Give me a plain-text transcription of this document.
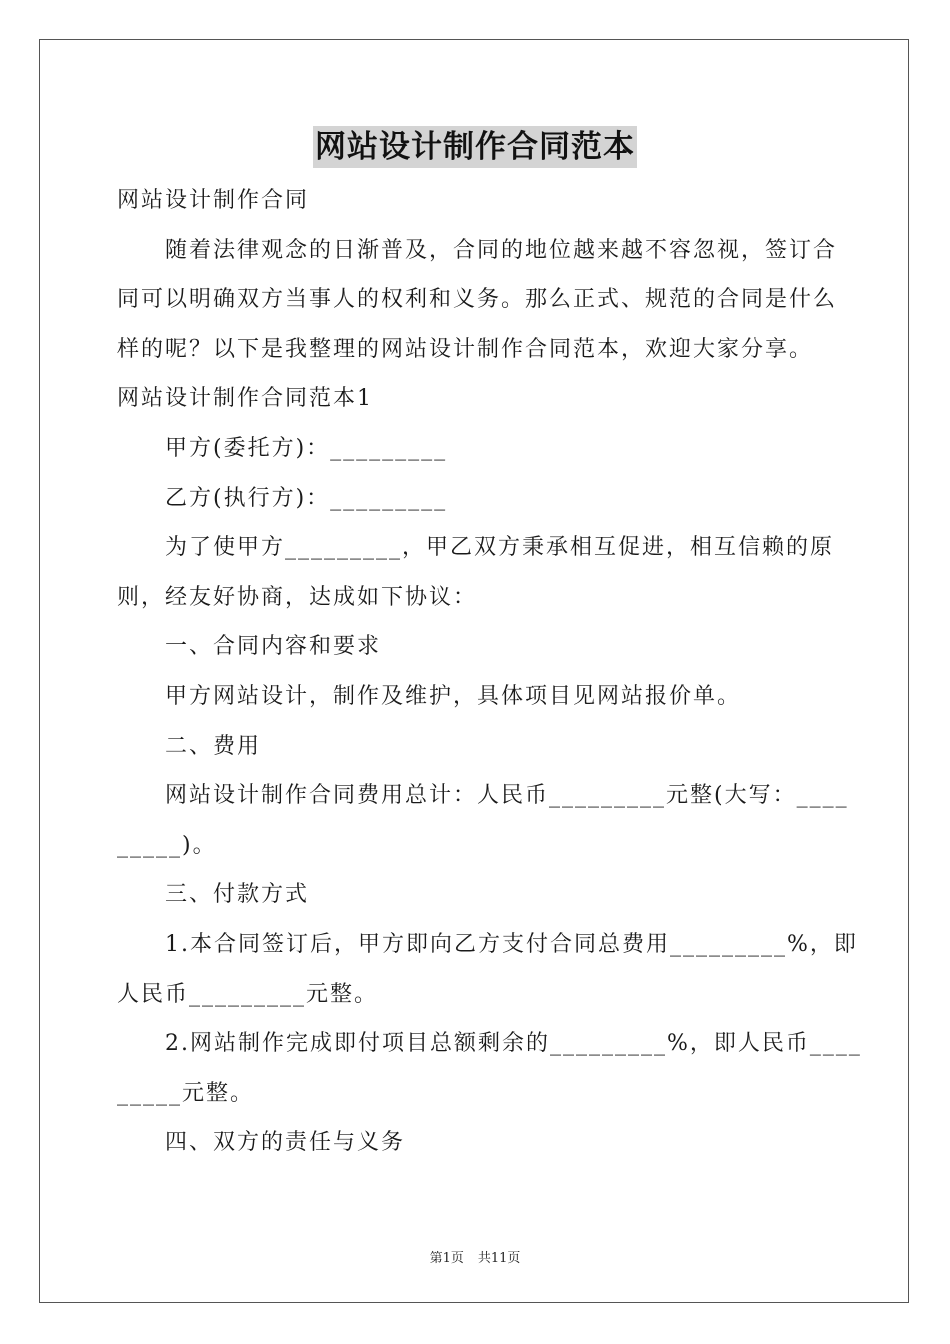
网站设计制作合同范本

网站设计制作合同

随着法律观念的日渐普及，合同的地位越来越不容忽视，签订合

同可以明确双方当事人的权利和义务。那么正式、规范的合同是什么

样的呢？以下是我整理的网站设计制作合同范本，欢迎大家分享。

网站设计制作合同范本1

甲方(委托方)：_________

乙方(执行方)：_________

为了使甲方_________，甲乙双方秉承相互促进，相互信赖的原

则，经友好协商，达成如下协议：

一、合同内容和要求

甲方网站设计，制作及维护，具体项目见网站报价单。

二、费用

网站设计制作合同费用总计：人民币_________元整(大写：____

_____)。

三、付款方式

1.本合同签订后，甲方即向乙方支付合同总费用_________%，即

人民币_________元整。

2.网站制作完成即付项目总额剩余的_________%，即人民币____

_____元整。

四、双方的责任与义务

第1页 共11页
